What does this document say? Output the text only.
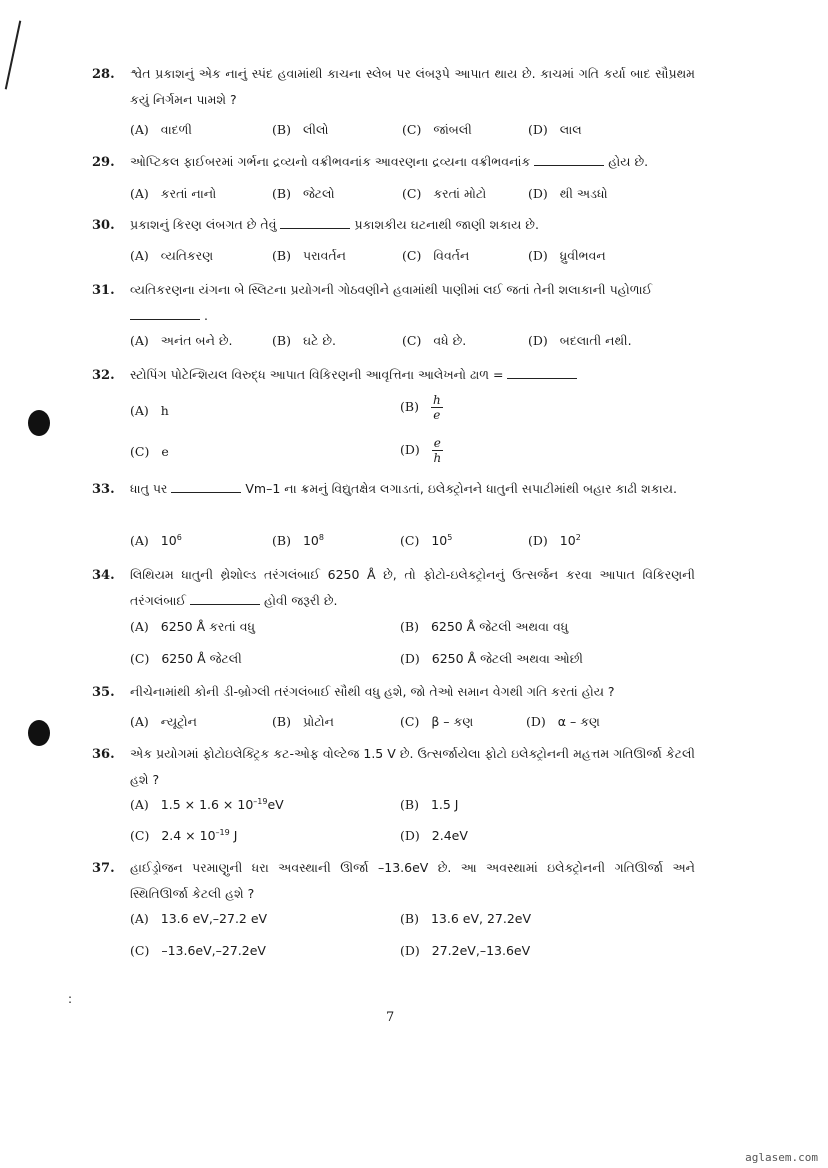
28. શ્વેત પ્રકાશનું એક નાનું સ્પંદ હવામાંથી કાચના સ્લેબ પર લંબરૂપે આપાત થાય છે. કાચમાં ગતિ કર્યા બાદ સૌપ્રથમ કયું નિર્ગમન પામશે ?
(A) વાદળી	(B) લીલો	(C) જાંબલી	(D) લાલ
29. ઓપ્ટિકલ ફાઈબરમાં ગર્ભના દ્રવ્યનો વક્રીભવનાંક આવરણના દ્રવ્યના વક્રીભવનાંક	હોય છે.
(A) કરતાં નાનો	(B) જેટલો	(C) કરતાં મોટો	(D) થી અડધો
30. પ્રકાશનું કિરણ લંબગત છે તેવું	પ્રકાશકીય ઘટનાથી જાણી શકાય છે.
(A) વ્યતિકરણ	(B) પરાવર્તન	(C) વિવર્તન	(D) ધ્રુવીભવન
31. વ્યતિકરણના યંગના બે સ્લિટના પ્રયોગની ગોઠવણીને હવામાંથી પાણીમાં લઈ જતાં તેની શલાકાની પહોળાઈ
.
(A) અનંત બને છે.	(B) ઘટે છે.	(C) વધે છે.	(D) બદલાતી નથી.
32. સ્ટોપિંગ પોટેન્શિયલ વિરુદ્ધ આપાત વિકિરણની આવૃત્તિના આલેખનો ઢાળ =
(A) h	$(B) \frac{h}{e}$
(C) e	$(D) \frac{e}{h}$
33. ધાતુ પર	Vm–1 ના ક્રમનું વિદ્યુતક્ષેત્ર લગાડતાં, ઇલેક્ટ્રોનને ધાતુની સપાટીમાંથી બહાર કાઢી શકાય.
(A) $10^6$	(B) $10^8$	(C) $10^5$	(D) $10^2$
34. લિથિયમ ધાતુની થ્રેશોલ્ડ તરંગલંબાઈ 6250 Å છે, તો ફોટો-ઇલેક્ટ્રોનનું ઉત્સર્જન કરવા આપાત વિકિરણની તરંગલંબાઈ	હોવી જરૂરી છે.
(A) 6250 Å કરતાં વધુ	(B) 6250 Å જેટલી અથવા વધુ
(C) 6250 Å જેટલી	(D) 6250 Å જેટલી અથવા ઓછી
35. નીચેનામાંથી કોની ડી-બ્રોગ્લી તરંગલંબાઈ સૌથી વધુ હશે, જો તેઓ સમાન વેગથી ગતિ કરતાં હોય ?
(A) ન્યૂટ્રોન	(B) પ્રોટોન	(C) β – કણ	(D) α – કણ
36. એક પ્રયોગમાં ફોટોઇલેક્ટ્રિક કટ-ઓફ વોલ્ટેજ 1.5 V છે. ઉત્સર્જાયેલા ફોટો ઇલેક્ટ્રોનની મહત્તમ ગતિઊર્જા કેટલી હશે ?
(A) $1.5 \times 1.6 \times 10^{-19}eV$	(B) 1.5 J
(C) $2.4 \times 10^{-19}$ J	(D) 2.4eV
37. હાઈડ્રોજન પરમાણુની ધરા અવસ્થાની ઊર્જા –13.6eV છે. આ અવસ્થામાં ઇલેક્ટ્રોનની ગતિઊર્જા અને સ્થિતિઊર્જા કેટલી હશે ?
(A) 13.6 eV,–27.2 eV	(B) 13.6 eV, 27.2eV
(C) –13.6eV,–27.2eV	(D) 27.2eV,–13.6eV
:
7
aglasem.com
